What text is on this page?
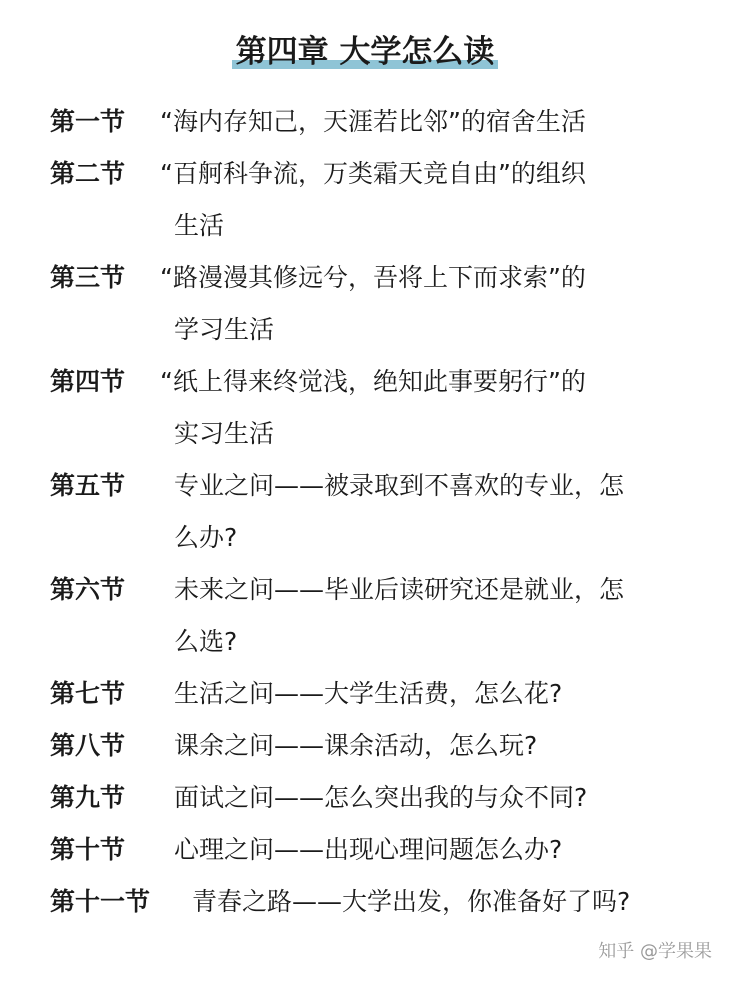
第四章 大学怎么读
第一节	“海内存知己，天涯若比邻”的宿舍生活
第二节	“百舸科争流，万类霜天竞自由”的组织
生活
第三节	“路漫漫其修远兮，吾将上下而求索”的
学习生活
第四节	“纸上得来终觉浅，绝知此事要躬行”的
实习生活
第五节	专业之问——被录取到不喜欢的专业，怎
么办?
第六节	未来之问——毕业后读研究还是就业，怎
么选?
第七节	生活之问——大学生活费，怎么花?
第八节	课余之问——课余活动，怎么玩?
第九节	面试之问——怎么突出我的与众不同?
第十节	心理之问——出现心理问题怎么办?
第十一节	青春之路——大学出发，你准备好了吗?
知乎 @学果果
